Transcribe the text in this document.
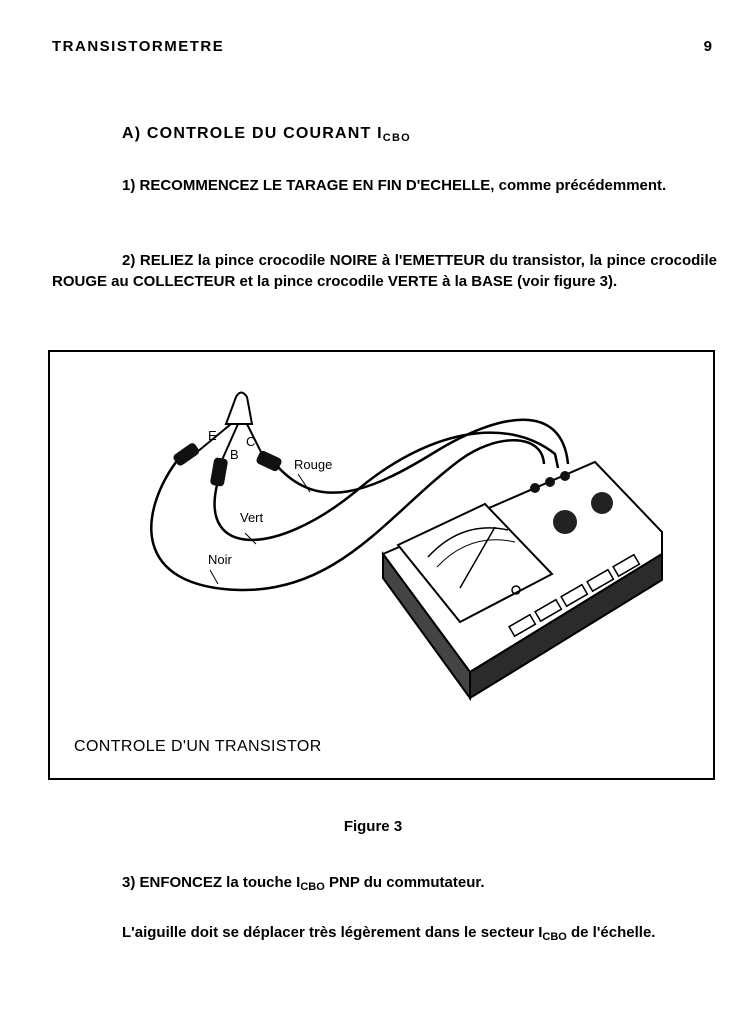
TRANSISTORMETRE	9
A) CONTROLE DU COURANT $I_{CBO}$
1) RECOMMENCEZ LE TARAGE EN FIN D'ECHELLE, comme précédemment.
2) RELIEZ la pince crocodile NOIRE à l'EMETTEUR du transistor, la pince crocodile ROUGE au COLLECTEUR et la pince crocodile VERTE à la BASE (voir figure 3).
E
B
C
Rouge
Vert
Noir
CONTROLE D'UN TRANSISTOR
Figure 3
3) ENFONCEZ la touche $I_{CBO}$ PNP du commutateur.
L'aiguille doit se déplacer très légèrement dans le secteur $I_{CBO}$ de l'échelle.
